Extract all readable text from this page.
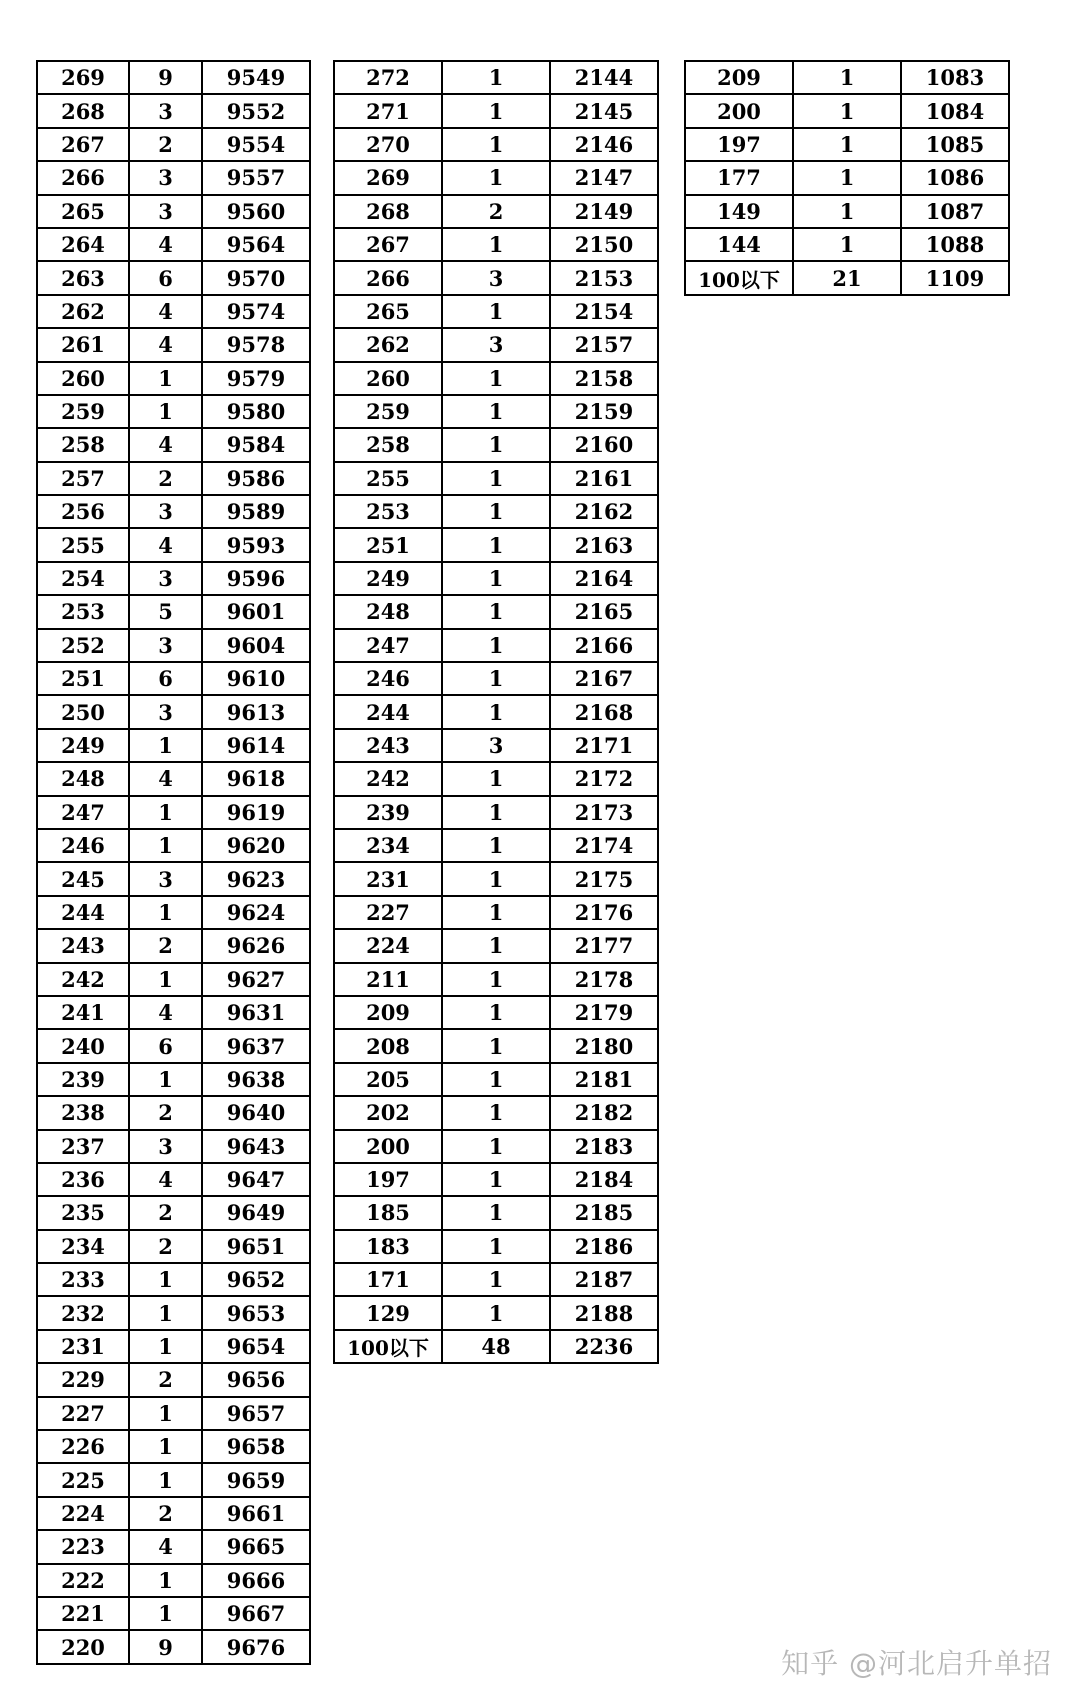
269	9	9549
268	3	9552
267	2	9554
266	3	9557
265	3	9560
264	4	9564
263	6	9570
262	4	9574
261	4	9578
260	1	9579
259	1	9580
258	4	9584
257	2	9586
256	3	9589
255	4	9593
254	3	9596
253	5	9601
252	3	9604
251	6	9610
250	3	9613
249	1	9614
248	4	9618
247	1	9619
246	1	9620
245	3	9623
244	1	9624
243	2	9626
242	1	9627
241	4	9631
240	6	9637
239	1	9638
238	2	9640
237	3	9643
236	4	9647
235	2	9649
234	2	9651
233	1	9652
232	1	9653
231	1	9654
229	2	9656
227	1	9657
226	1	9658
225	1	9659
224	2	9661
223	4	9665
222	1	9666
221	1	9667
220	9	9676
272	1	2144
271	1	2145
270	1	2146
269	1	2147
268	2	2149
267	1	2150
266	3	2153
265	1	2154
262	3	2157
260	1	2158
259	1	2159
258	1	2160
255	1	2161
253	1	2162
251	1	2163
249	1	2164
248	1	2165
247	1	2166
246	1	2167
244	1	2168
243	3	2171
242	1	2172
239	1	2173
234	1	2174
231	1	2175
227	1	2176
224	1	2177
211	1	2178
209	1	2179
208	1	2180
205	1	2181
202	1	2182
200	1	2183
197	1	2184
185	1	2185
183	1	2186
171	1	2187
129	1	2188
100以下	48	2236
209	1	1083
200	1	1084
197	1	1085
177	1	1086
149	1	1087
144	1	1088
100以下	21	1109
知乎 @河北启升单招
